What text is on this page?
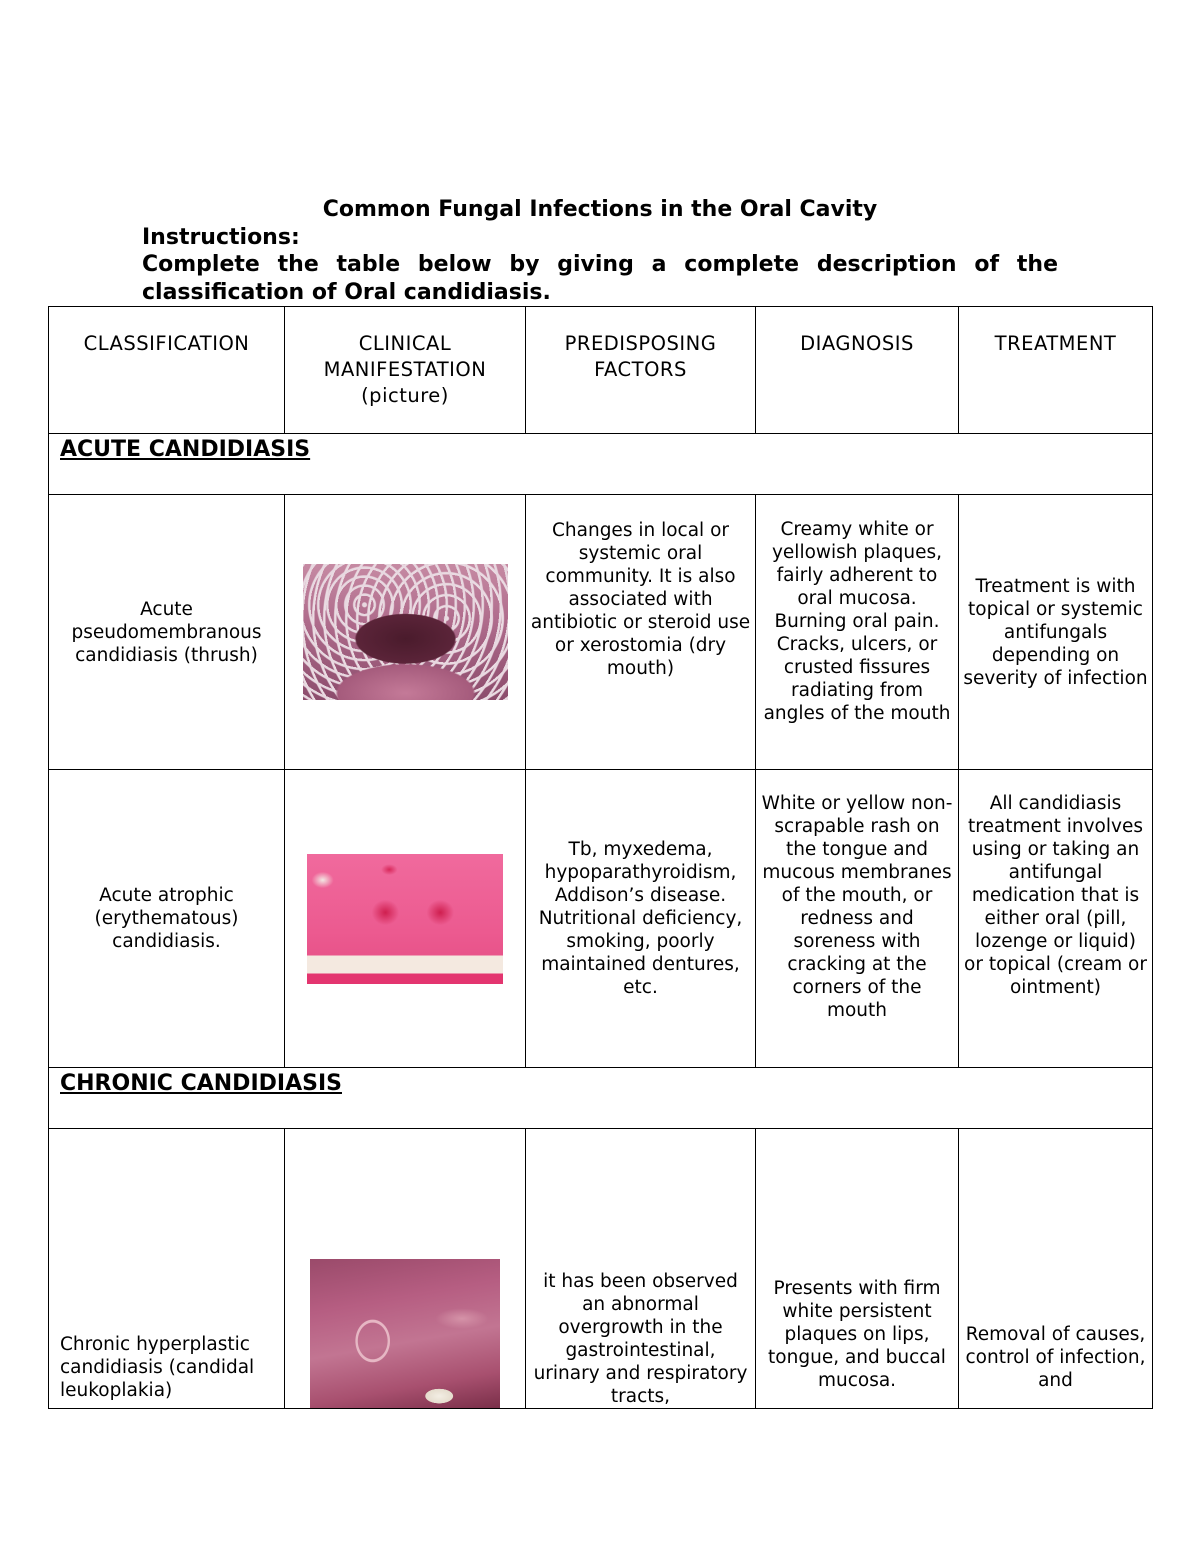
Common Fungal Infections in the Oral Cavity
Instructions:
Complete the table below by giving a complete description of the classification of Oral candidiasis.
CLASSIFICATION	CLINICAL MANIFESTATION (picture)	PREDISPOSING FACTORS	DIAGNOSIS	TREATMENT
ACUTE CANDIDIASIS				
Acute pseudomembranous candidiasis (thrush)		Changes in local or systemic oral community. It is also associated with antibiotic or steroid use or xerostomia (dry mouth)	Creamy white or yellowish plaques, fairly adherent to oral mucosa. Burning oral pain. Cracks, ulcers, or crusted fissures radiating from angles of the mouth	Treatment is with topical or systemic antifungals depending on severity of infection
Acute atrophic (erythematous) candidiasis.		Tb, myxedema, hypoparathyroidism, Addison’s disease. Nutritional deficiency, smoking, poorly maintained dentures, etc.	White or yellow non-scrapable rash on the tongue and mucous membranes of the mouth, or redness and soreness with cracking at the corners of the mouth	All candidiasis treatment involves using or taking an antifungal medication that is either oral (pill, lozenge or liquid) or topical (cream or ointment)
CHRONIC CANDIDIASIS				
Chronic hyperplastic candidiasis (candidal leukoplakia)		it has been observed an abnormal overgrowth in the gastrointestinal, urinary and respiratory tracts,	Presents with firm white persistent plaques on lips, tongue, and buccal mucosa.	Removal of causes, control of infection, and
